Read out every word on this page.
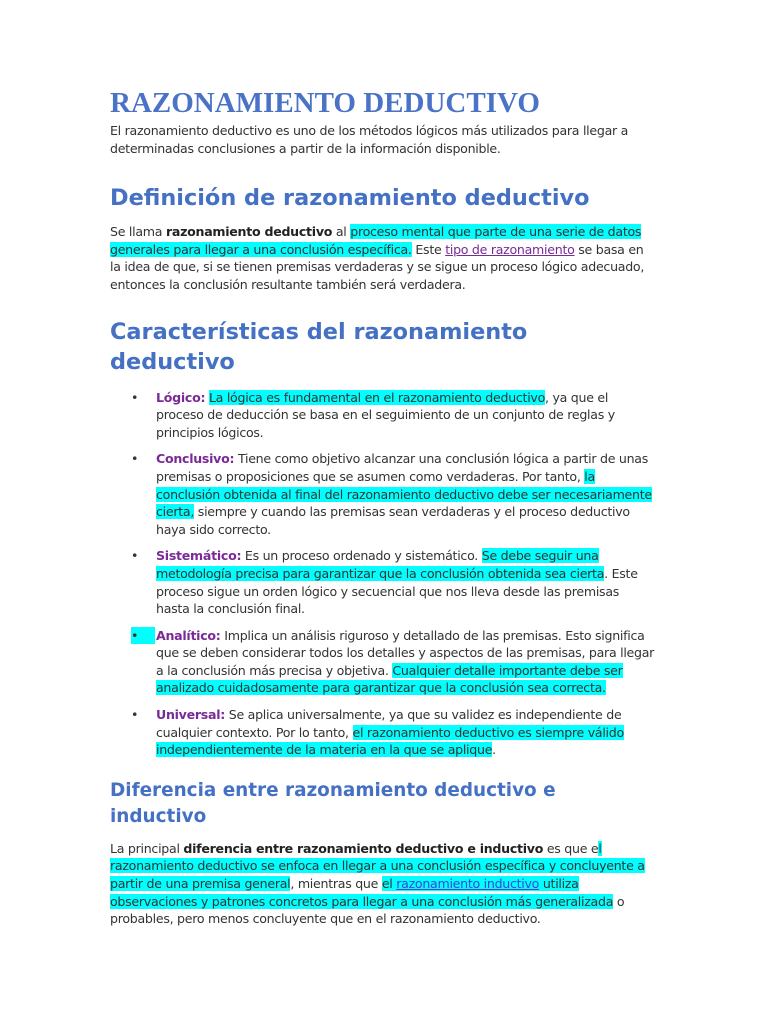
RAZONAMIENTO DEDUCTIVO

El razonamiento deductivo es uno de los métodos lógicos más utilizados para llegar a determinadas conclusiones a partir de la información disponible.

Definición de razonamiento deductivo

Se llama razonamiento deductivo al proceso mental que parte de una serie de datos generales para llegar a una conclusión específica. Este tipo de razonamiento se basa en la idea de que, si se tienen premisas verdaderas y se sigue un proceso lógico adecuado, entonces la conclusión resultante también será verdadera.

Características del razonamiento deductivo
•	Lógico: La lógica es fundamental en el razonamiento deductivo, ya que el proceso de deducción se basa en el seguimiento de un conjunto de reglas y principios lógicos.
•	Conclusivo: Tiene como objetivo alcanzar una conclusión lógica a partir de unas premisas o proposiciones que se asumen como verdaderas. Por tanto, la conclusión obtenida al final del razonamiento deductivo debe ser necesariamente cierta, siempre y cuando las premisas sean verdaderas y el proceso deductivo haya sido correcto.
•	Sistemático: Es un proceso ordenado y sistemático. Se debe seguir una metodología precisa para garantizar que la conclusión obtenida sea cierta. Este proceso sigue un orden lógico y secuencial que nos lleva desde las premisas hasta la conclusión final.
•	Analítico: Implica un análisis riguroso y detallado de las premisas. Esto significa que se deben considerar todos los detalles y aspectos de las premisas, para llegar a la conclusión más precisa y objetiva. Cualquier detalle importante debe ser analizado cuidadosamente para garantizar que la conclusión sea correcta.
•	Universal: Se aplica universalmente, ya que su validez es independiente de cualquier contexto. Por lo tanto, el razonamiento deductivo es siempre válido independientemente de la materia en la que se aplique.
Diferencia entre razonamiento deductivo e inductivo

La principal diferencia entre razonamiento deductivo e inductivo es que el razonamiento deductivo se enfoca en llegar a una conclusión específica y concluyente a partir de una premisa general, mientras que el razonamiento inductivo utiliza observaciones y patrones concretos para llegar a una conclusión más generalizada o probables, pero menos concluyente que en el razonamiento deductivo.
